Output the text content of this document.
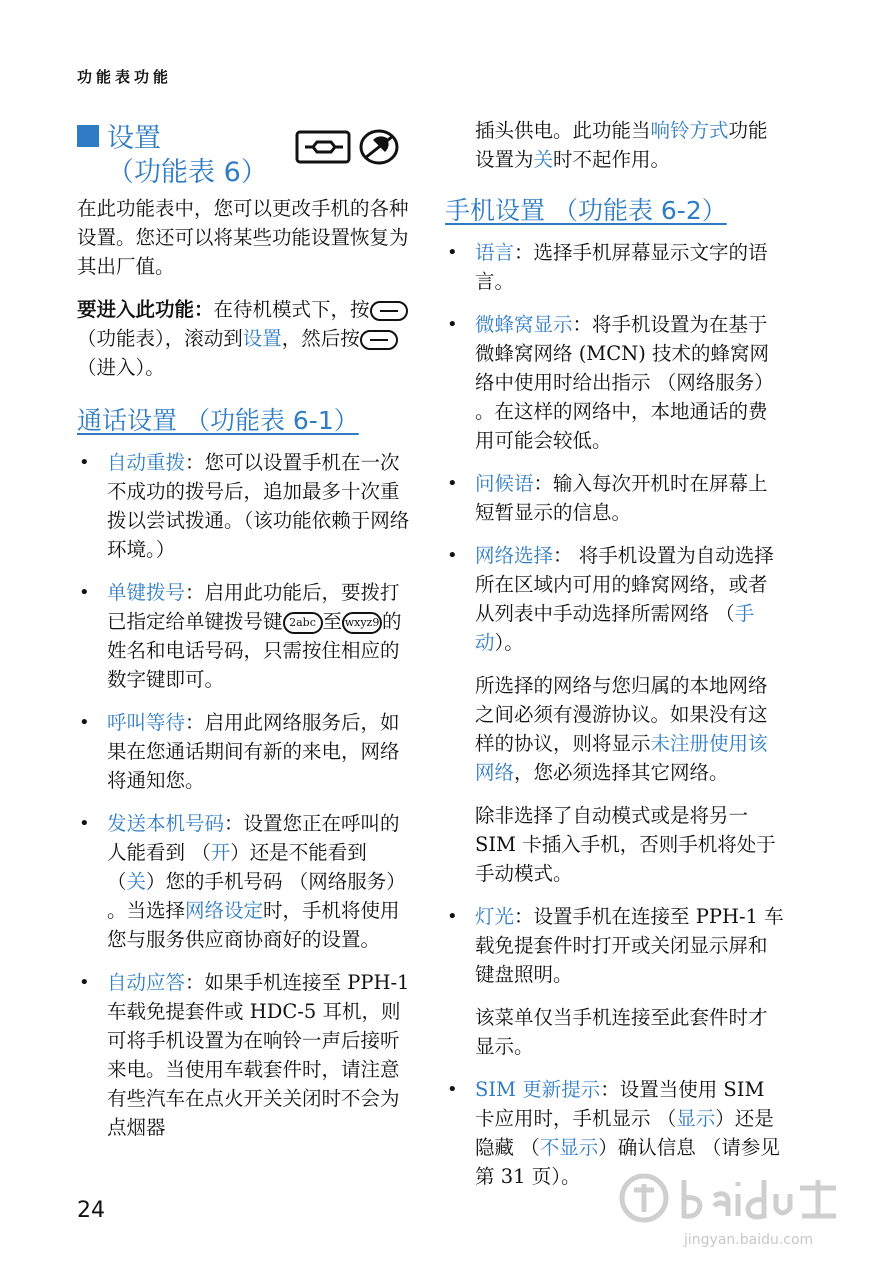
功能表功能
设置
（功能表 6）

在此功能表中，您可以更改手机的各种设置。您还可以将某些功能设置恢复为其出厂值。

要进入此功能：在待机模式下，按（功能表），滚动到设置，然后按（进入）。

通话设置 （功能表 6-1）
• 自动重拨：您可以设置手机在一次不成功的拨号后，追加最多十次重拨以尝试拨通。（该功能依赖于网络环境。）
• 单键拨号：启用此功能后，要拨打已指定给单键拨号键 2abc 至 wxyz9 的姓名和电话号码，只需按住相应的数字键即可。
• 呼叫等待：启用此网络服务后，如果在您通话期间有新的来电，网络将通知您。
• 发送本机号码：设置您正在呼叫的人能看到 （开）还是不能看到 （关）您的手机号码 （网络服务） 。当选择网络设定时，手机将使用您与服务供应商协商好的设置。
• 自动应答：如果手机连接至 PPH-1 车载免提套件或 HDC-5 耳机，则可将手机设置为在响铃一声后接听来电。当使用车载套件时，请注意有些汽车在点火开关关闭时不会为点烟器
插头供电。此功能当响铃方式功能设置为关时不起作用。
手机设置 （功能表 6-2）
• 语言：选择手机屏幕显示文字的语言。
• 微蜂窝显示：将手机设置为在基于微蜂窝网络 (MCN) 技术的蜂窝网络中使用时给出指示 （网络服务） 。在这样的网络中，本地通话的费用可能会较低。
• 问候语：输入每次开机时在屏幕上短暂显示的信息。
• 网络选择： 将手机设置为自动选择所在区域内可用的蜂窝网络，或者从列表中手动选择所需网络 （手动）。
所选择的网络与您归属的本地网络之间必须有漫游协议。如果没有这样的协议，则将显示未注册使用该网络，您必须选择其它网络。
除非选择了自动模式或是将另一 SIM 卡插入手机，否则手机将处于手动模式。
• 灯光：设置手机在连接至 PPH-1 车载免提套件时打开或关闭显示屏和键盘照明。
该菜单仅当手机连接至此套件时才显示。
• SIM 更新提示：设置当使用 SIM 卡应用时，手机显示 （显示）还是隐藏 （不显示）确认信息 （请参见第 31 页）。
24
jingyan.baidu.com
